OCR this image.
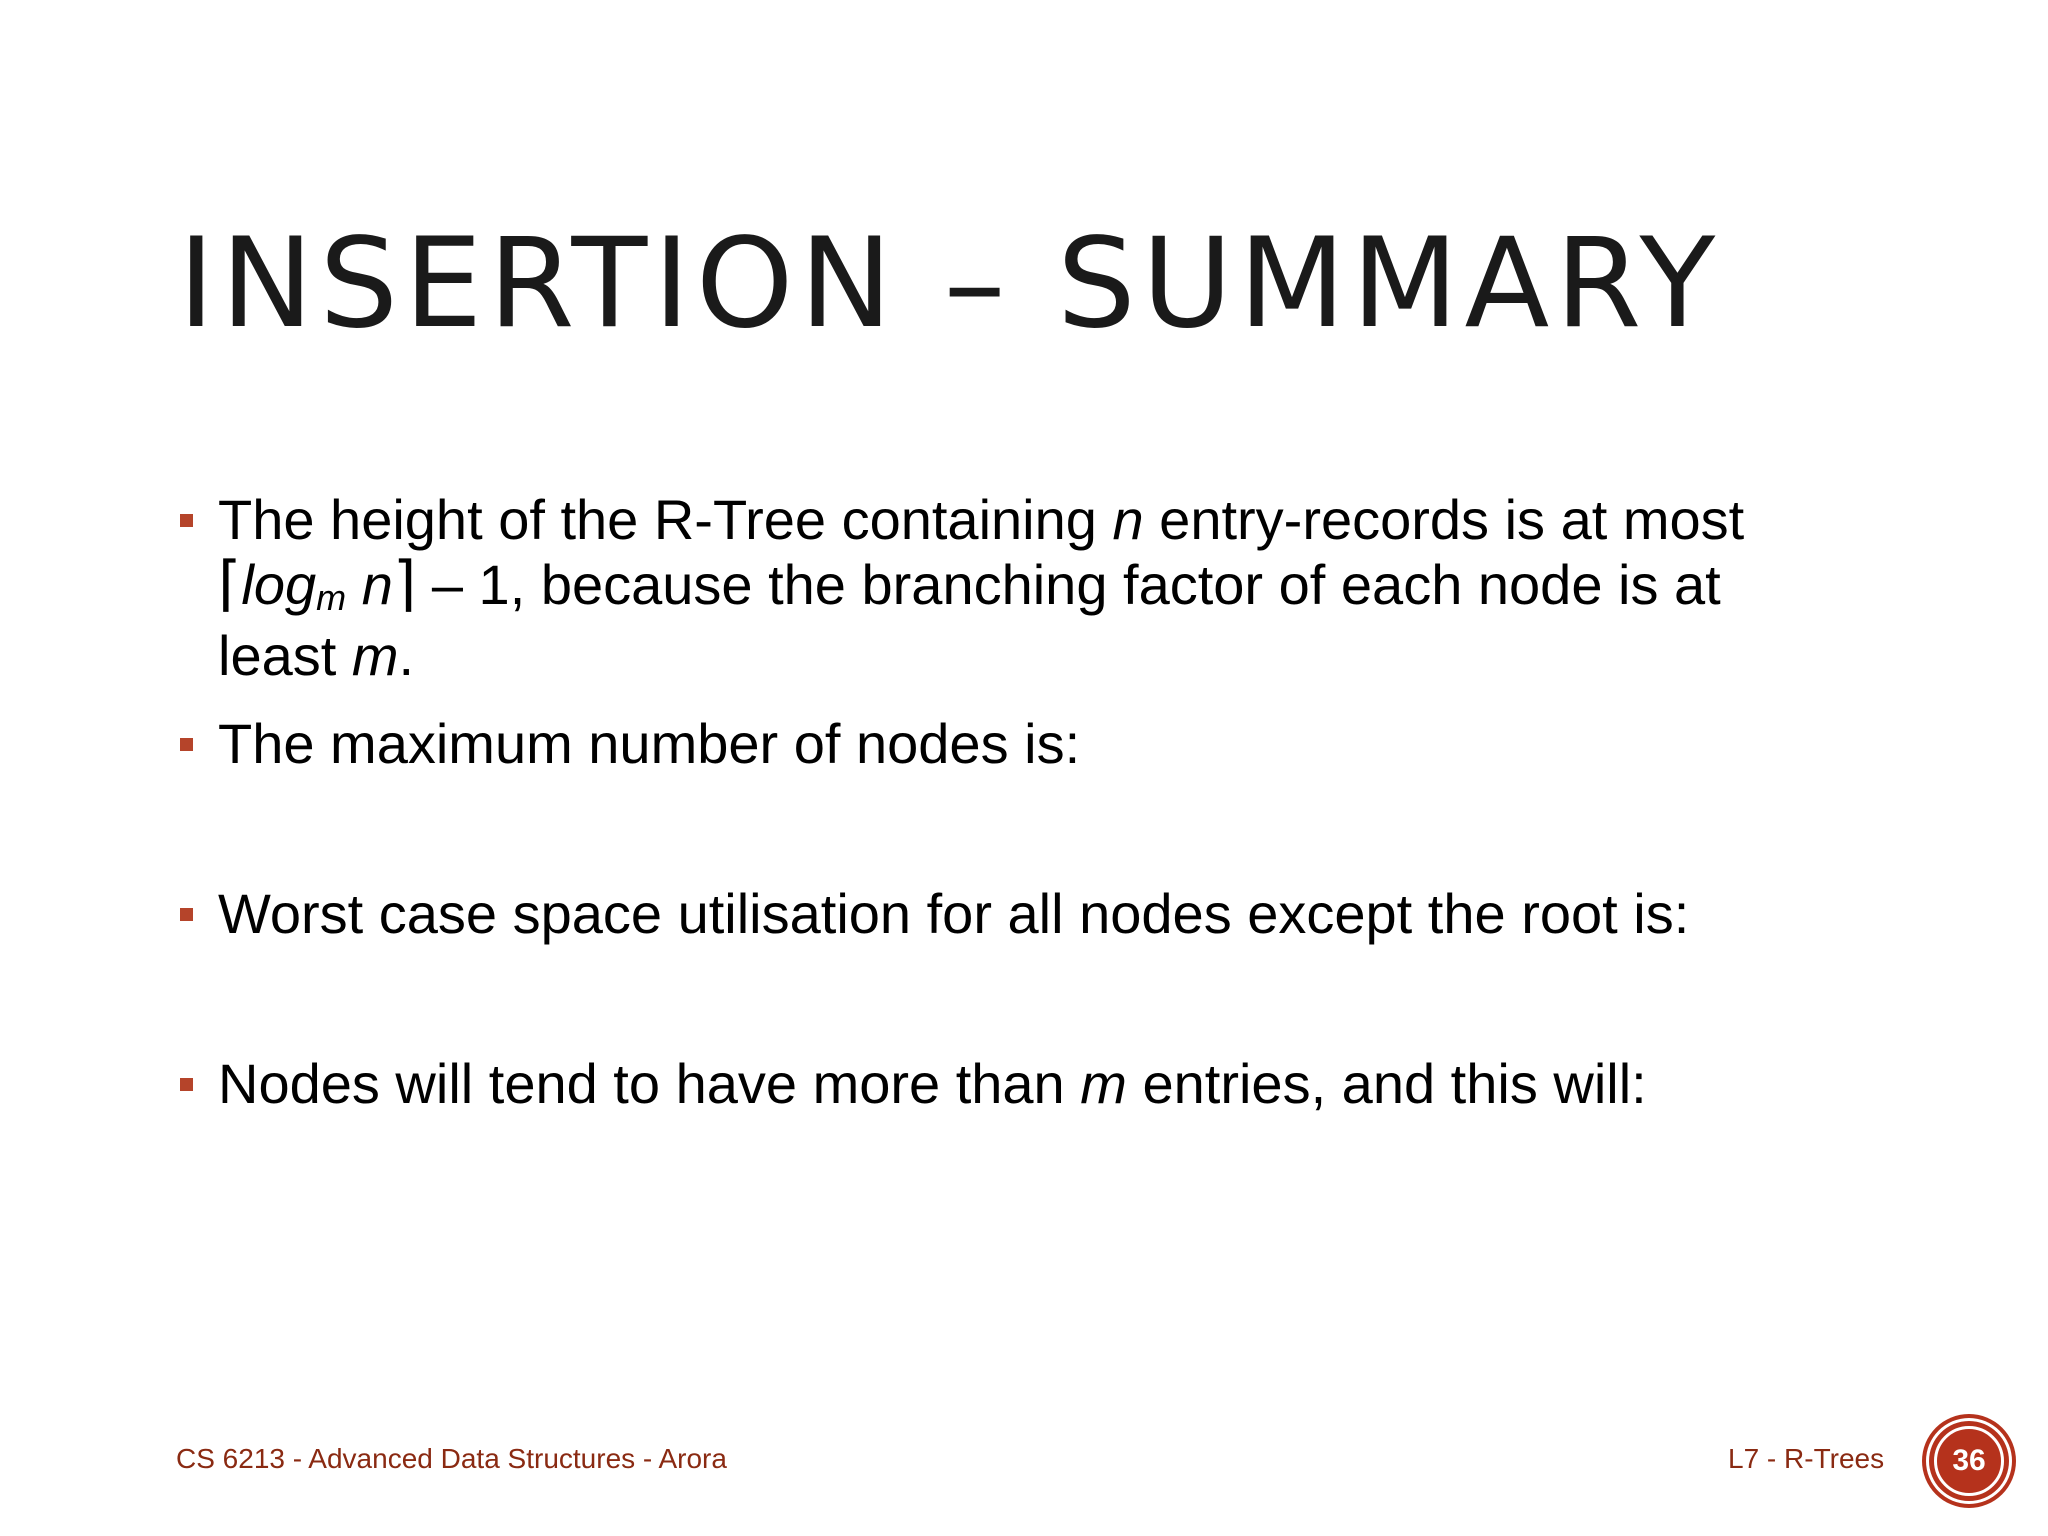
INSERTION – SUMMARY
The height of the R-Tree containing n entry-records is at most
⌈logm n⌉ – 1, because the branching factor of each node is at least m.
The maximum number of nodes is:
Worst case space utilisation for all nodes except the root is:
Nodes will tend to have more than m entries, and this will:
CS 6213 - Advanced Data Structures - Arora	L7 - R-Trees	36
